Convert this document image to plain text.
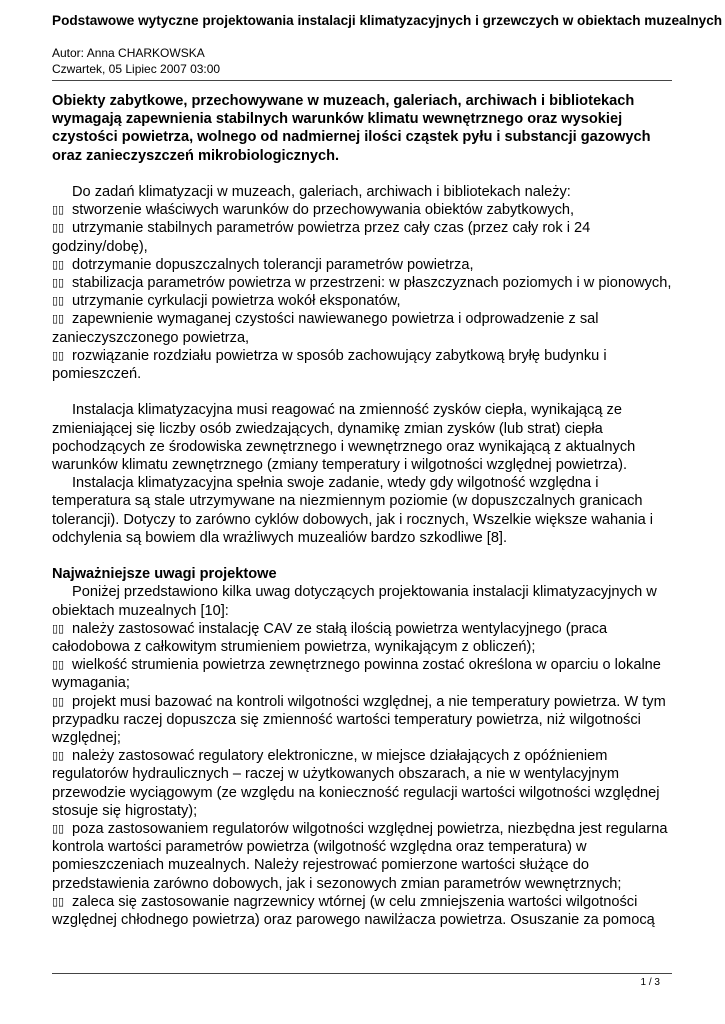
Podstawowe wytyczne projektowania instalacji klimatyzacyjnych i grzewczych w obiektach muzealnych
Autor: Anna CHARKOWSKA
Czwartek, 05 Lipiec 2007 03:00

Obiekty zabytkowe, przechowywane w muzeach, galeriach, archiwach i bibliotekach wymagają zapewnienia stabilnych warunków klimatu wewnętrznego oraz wysokiej czystości powietrza, wolnego od nadmiernej ilości cząstek pyłu i substancji gazowych oraz zanieczyszczeń mikrobiologicznych.

Do zadań klimatyzacji w muzeach, galeriach, archiwach i bibliotekach należy:

▯▯ stworzenie właściwych warunków do przechowywania obiektów zabytkowych,

▯▯ utrzymanie stabilnych parametrów powietrza przez cały czas (przez cały rok i 24 godziny/dobę),

▯▯ dotrzymanie dopuszczalnych tolerancji parametrów powietrza,

▯▯ stabilizacja parametrów powietrza w przestrzeni: w płaszczyznach poziomych i w pionowych,

▯▯ utrzymanie cyrkulacji powietrza wokół eksponatów,

▯▯ zapewnienie wymaganej czystości nawiewanego powietrza i odprowadzenie z sal zanieczyszczonego powietrza,

▯▯ rozwiązanie rozdziału powietrza w sposób zachowujący zabytkową bryłę budynku i pomieszczeń.

Instalacja klimatyzacyjna musi reagować na zmienność zysków ciepła, wynikającą ze zmieniającej się liczby osób zwiedzających, dynamikę zmian zysków (lub strat) ciepła pochodzących ze środowiska zewnętrznego i wewnętrznego oraz wynikającą z aktualnych warunków klimatu zewnętrznego (zmiany temperatury i wilgotności względnej powietrza).

Instalacja klimatyzacyjna spełnia swoje zadanie, wtedy gdy wilgotność względna i temperatura są stale utrzymywane na niezmiennym poziomie (w dopuszczalnych granicach tolerancji). Dotyczy to zarówno cyklów dobowych, jak i rocznych, Wszelkie większe wahania i odchylenia są bowiem dla wrażliwych muzealiów bardzo szkodliwe [8].

Najważniejsze uwagi projektowe

Poniżej przedstawiono kilka uwag dotyczących projektowania instalacji klimatyzacyjnych w obiektach muzealnych [10]:

▯▯ należy zastosować instalację CAV ze stałą ilością powietrza wentylacyjnego (praca całodobowa z całkowitym strumieniem powietrza, wynikającym z obliczeń);

▯▯ wielkość strumienia powietrza zewnętrznego powinna zostać określona w oparciu o lokalne wymagania;

▯▯ projekt musi bazować na kontroli wilgotności względnej, a nie temperatury powietrza. W tym przypadku raczej dopuszcza się zmienność wartości temperatury powietrza, niż wilgotności względnej;

▯▯ należy zastosować regulatory elektroniczne, w miejsce działających z opóźnieniem regulatorów hydraulicznych – raczej w użytkowanych obszarach, a nie w wentylacyjnym przewodzie wyciągowym (ze względu na konieczność regulacji wartości wilgotności względnej stosuje się higrostaty);

▯▯ poza zastosowaniem regulatorów wilgotności względnej powietrza, niezbędna jest regularna kontrola wartości parametrów powietrza (wilgotność względna oraz temperatura) w pomieszczeniach muzealnych. Należy rejestrować pomierzone wartości służące do przedstawienia zarówno dobowych, jak i sezonowych zmian parametrów wewnętrznych;

▯▯ zaleca się zastosowanie nagrzewnicy wtórnej (w celu zmniejszenia wartości wilgotności względnej chłodnego powietrza) oraz parowego nawilżacza powietrza. Osuszanie za pomocą

1 / 3
